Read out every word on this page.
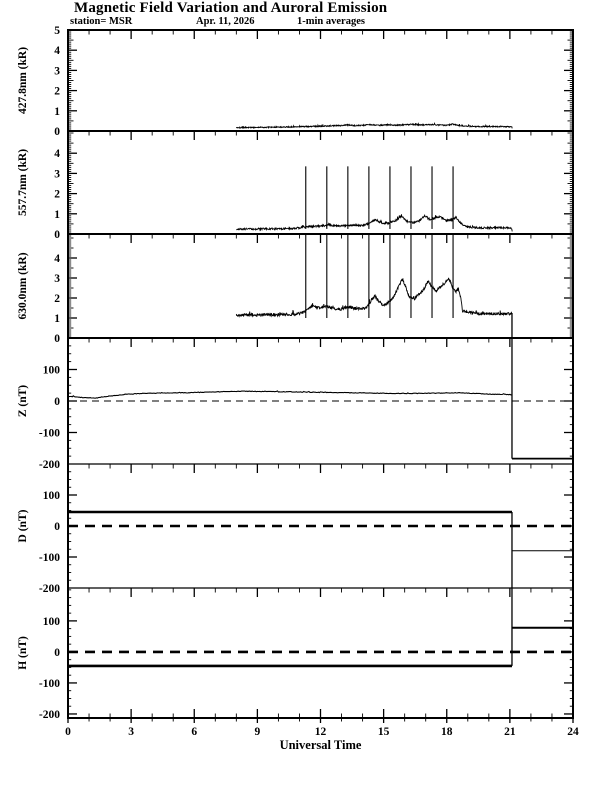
Magnetic Field Variation and Auroral Emission
station= MSR	Apr. 11, 2026	1-min averages
0
1
2
3
4
5
427.8nm (kR)
0
1
2
3
4
557.7nm (kR)
0
1
2
3
4
630.0nm (kR)
-200
-100
0
100
Z (nT)
-200
-100
0
100
D (nT)
-200
-100
0
100
H (nT)
0	3	6	9	12	15	18	21	24
Universal Time
